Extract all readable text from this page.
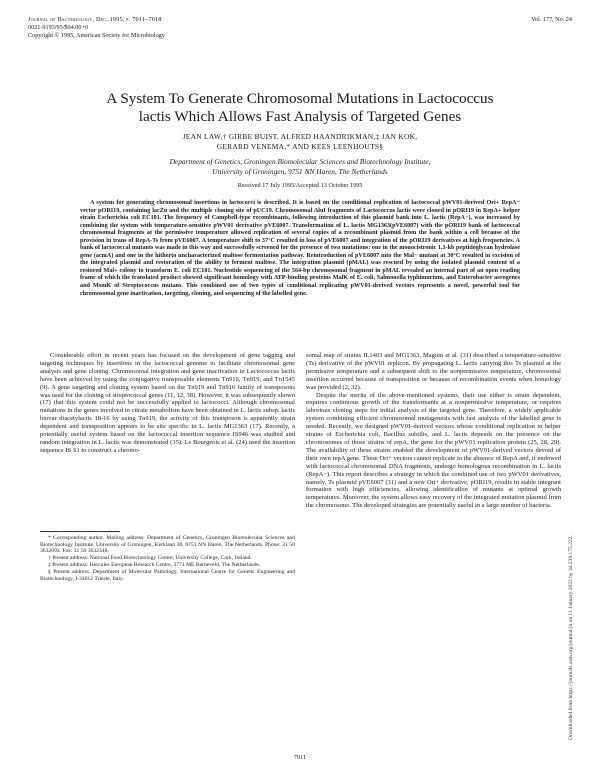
Journal of Bacteriology, Dec. 1995, p. 7011–7018
0021-9193/95/$04.00+0
Copyright © 1995, American Society for Microbiology
Vol. 177, No. 24
A System To Generate Chromosomal Mutations in Lactococcus
lactis Which Allows Fast Analysis of Targeted Genes
JEAN LAW,† GIRBE BUIST, ALFRED HAANDRIKMAN,‡ JAN KOK,
GERARD VENEMA,* AND KEES LEENHOUTS§
Department of Genetics, Groningen Biomolecular Sciences and Biotechnology Institute,
University of Groningen, 9751 NN Haren, The Netherlands
Received 17 July 1995/Accepted 13 October 1995
A system for generating chromosomal insertions in lactococci is described. It is based on the conditional replication of lactococcal pWV01-derived Ori+ RepA− vector pORI19, containing lacZα and the multiple cloning site of pUC19. Chromosomal AluI fragments of Lactococcus lactis were cloned in pORI19 in RepA+ helper strain Escherichia coli EC101. The frequency of Campbell-type recombinants, following introduction of this plasmid bank into L. lactis (RepA−), was increased by combining the system with temperature-sensitive pWV01 derivative pVE6007. Transformation of L. lactis MG1363(pVE6007) with the pORI19 bank of lactococcal chromosomal fragments at the permissive temperature allowed replication of several copies of a recombinant plasmid from the bank within a cell because of the provision in trans of RepA-Ts from pVE6007. A temperature shift to 37°C resulted in loss of pVE6007 and integration of the pORI19 derivatives at high frequencies. A bank of lactococcal mutants was made in this way and successfully screened for the presence of two mutations: one in the monocistronic 1.3-kb peptidoglycan hydrolase gene (acmA) and one in the hitherto uncharacterized maltose fermentation pathway. Reintroduction of pVE6007 into the Mal− mutant at 30°C resulted in excision of the integrated plasmid and restoration of the ability to ferment maltose. The integration plasmid (pMAL) was rescued by using the isolated plasmid content of a restored Mal+ colony to transform E. coli EC101. Nucleotide sequencing of the 564-bp chromosomal fragment in pMAL revealed an internal part of an open reading frame of which the translated product showed significant homology with ATP-binding proteins MalK of E. coli, Salmonella typhimurium, and Enterobacter aerogenes and MsmK of Streptococcus mutans. This combined use of two types of conditional replicating pWV01-derived vectors represents a novel, powerful tool for chromosomal gene inactivation, targeting, cloning, and sequencing of the labelled gene.

Considerable effort in recent years has focused on the development of gene tagging and targeting techniques by insertions in the lactococcal genome to facilitate chromosomal gene analysis and gene cloning. Chromosomal integration and gene inactivation in Lactococcus lactis have been achieved by using the conjugative transposable elements Tn916, Tn919, and Tn1545 (9). A gene targeting and cloning system based on the Tn919 and Tn916 family of transposons was used for the cloning of streptococcal genes (11, 12, 38). However, it was subsequently shown (17) that this system could not be successfully applied to lactococci. Although chromosomal mutations in the genes involved in citrate metabolism have been obtained in L. lactis subsp. lactis biovar diacetylactis 18-16 by using Tn919, the activity of this transposon is apparently strain dependent and transposition appears to be site specific in L. lactis MG1363 (17). Recently, a potentially useful system based on the lactococcal insertion sequence IS946 was studied and random integration in L. lactis was demonstrated (35). Le Bourgeois et al. (24) used the insertion sequence IS S1 to construct a chromo-

* Corresponding author. Mailing address: Department of Genetics, Groningen Biomolecular Sciences and Biotechnology Institute, University of Groningen, Kerklaan 30, 9751 NN Haren, The Netherlands. Phone: 31 50 3632093. Fax: 31 50 3632348.

† Present address: National Food Biotechnology Centre, University College, Cork, Ireland.

‡ Present address: Hercules European Research Centre, 3771 ME Barneveld, The Netherlands.

§ Present address: Department of Molecular Pathology, International Centre for Genetic Engineering and Biotechnology, I-34012 Trieste, Italy.

somal map of strains IL1403 and MG1363. Maguin et al. (31) described a temperature-sensitive (Ts) derivative of the pWV01 replicon. By propagating L. lactis carrying this Ts plasmid at the permissive temperature and a subsequent shift to the nonpermissive temperature, chromosomal insertion occurred because of transposition or because of recombination events when homology was provided (2, 32).

Despite the merits of the above-mentioned systems, their use either is strain dependent, requires continuous growth of the transformants at a nonpermissive temperature, or requires laborious cloning steps for initial analysis of the targeted gene. Therefore, a widely applicable system combining efficient chromosomal mutagenesis with fast analysis of the labelled gene is needed. Recently, we designed pWV01-derived vectors whose conditional replication in helper strains of Escherichia coli, Bacillus subtilis, and L. lactis depends on the presence on the chromosomes of those strains of repA, the gene for the pWV01 replication protein (25, 28, 29). The availability of these strains enabled the development of pWV01-derived vectors devoid of their own repA gene. These Ori+ vectors cannot replicate in the absence of RepA and, if endowed with lactococcal chromosomal DNA fragments, undergo homologous recombination in L. lactis (RepA−). This report describes a strategy in which the combined use of two pWV01 derivatives, namely, Ts plasmid pVE6007 (31) and a new Ori+ derivative, pORI19, results in stable integrant formation with high efficiencies, allowing identification of mutants at optimal growth temperatures. Moreover, the system allows easy recovery of the integrated mutation plasmid from the chromosome. The developed strategies are potentially useful in a large number of bacteria.

7011
Downloaded from https://journals.asm.org/journal/jb on 11 January 2022 by 34.239.175.222.
